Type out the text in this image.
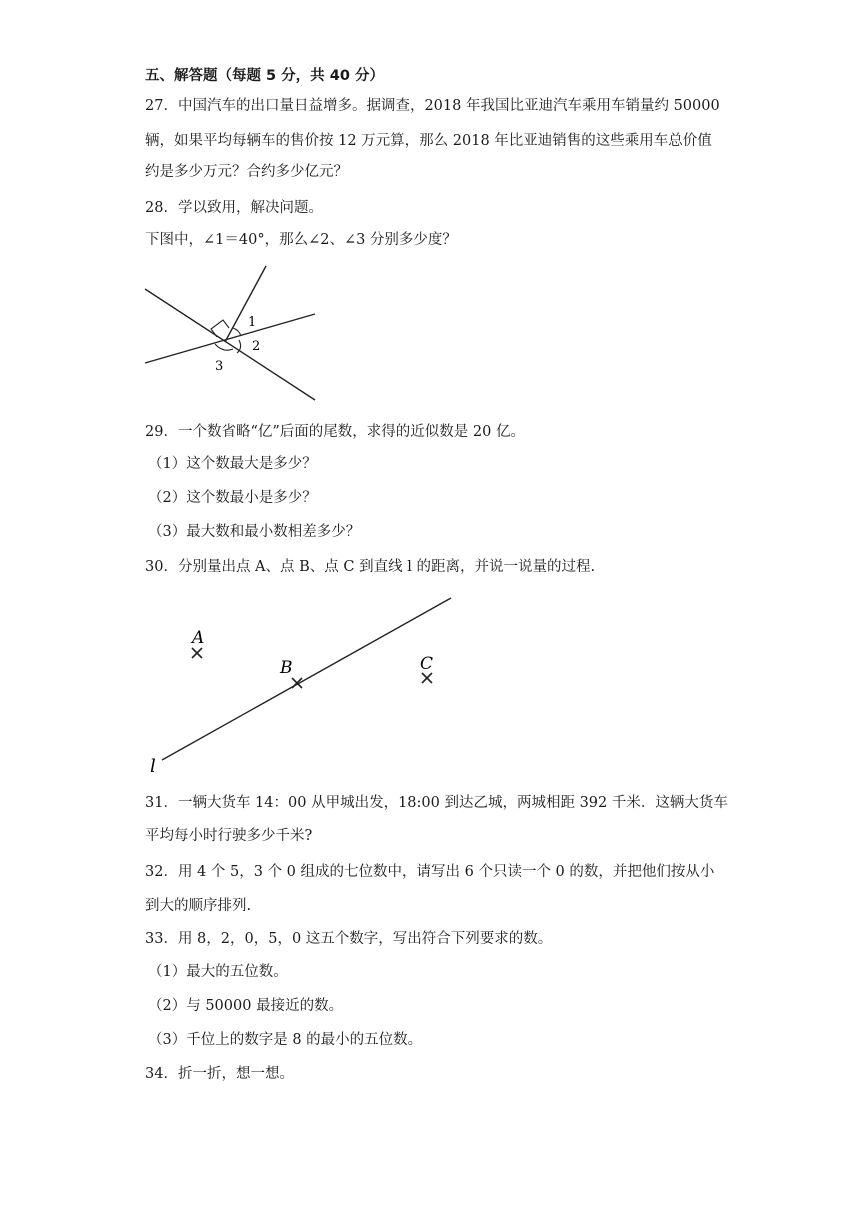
五、解答题（每题 5 分，共 40 分）
27．中国汽车的出口量日益增多。据调查，2018 年我国比亚迪汽车乘用车销量约 50000
辆，如果平均每辆车的售价按 12 万元算，那么 2018 年比亚迪销售的这些乘用车总价值
约是多少万元？合约多少亿元？
28．学以致用，解决问题。
下图中，∠1＝40°，那么∠2、∠3 分别多少度？
1
2
3
29．一个数省略“亿”后面的尾数，求得的近似数是 20 亿。
（1）这个数最大是多少？
（2）这个数最小是多少？
（3）最大数和最小数相差多少？
30．分别量出点 A、点 B、点 C 到直线 l 的距离，并说一说量的过程.
A
B	C
l
31．一辆大货车 14：00 从甲城出发，18:00 到达乙城，两城相距 392 千米．这辆大货车
平均每小时行驶多少千米?
32．用 4 个 5，3 个 0 组成的七位数中，请写出 6 个只读一个 0 的数，并把他们按从小
到大的顺序排列.
33．用 8，2，0，5，0 这五个数字，写出符合下列要求的数。
（1）最大的五位数。
（2）与 50000 最接近的数。
（3）千位上的数字是 8 的最小的五位数。
34．折一折，想一想。
